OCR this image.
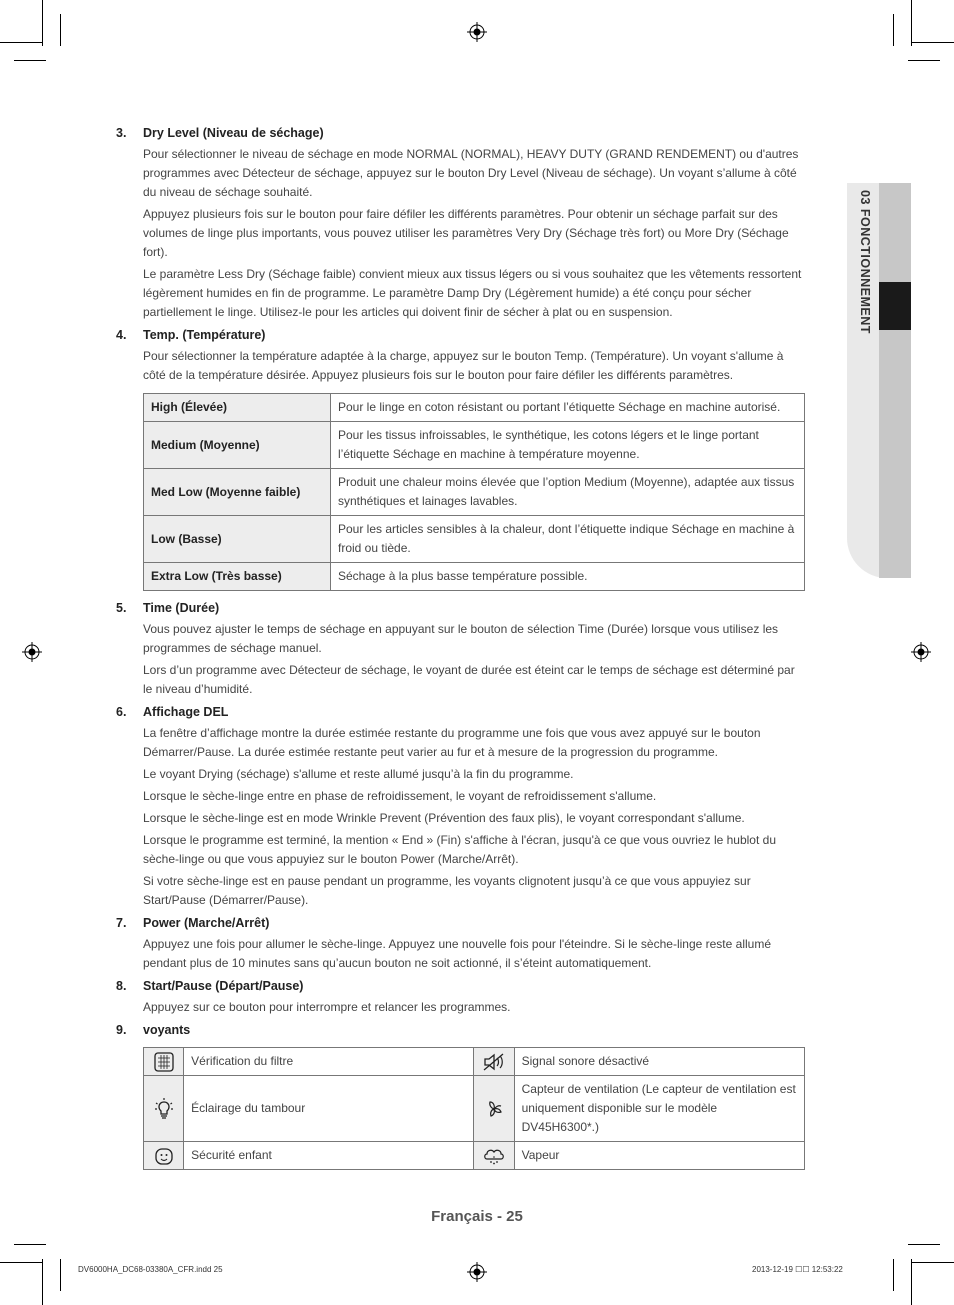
03 FONCTIONNEMENT
3.	Dry Level (Niveau de séchage)

Pour sélectionner le niveau de séchage en mode NORMAL (NORMAL), HEAVY DUTY (GRAND RENDEMENT) ou d'autres programmes avec Détecteur de séchage, appuyez sur le bouton Dry Level (Niveau de séchage). Un voyant s’allume à côté du niveau de séchage souhaité.

Appuyez plusieurs fois sur le bouton pour faire défiler les différents paramètres. Pour obtenir un séchage parfait sur des volumes de linge plus importants, vous pouvez utiliser les paramètres Very Dry (Séchage très fort) ou More Dry (Séchage fort).

Le paramètre Less Dry (Séchage faible) convient mieux aux tissus légers ou si vous souhaitez que les vêtements ressortent légèrement humides en fin de programme. Le paramètre Damp Dry (Légèrement humide) a été conçu pour sécher partiellement le linge. Utilisez-le pour les articles qui doivent finir de sécher à plat ou en suspension.

4.	Temp. (Température)

Pour sélectionner la température adaptée à la charge, appuyez sur le bouton Temp. (Température). Un voyant s'allume à côté de la température désirée. Appuyez plusieurs fois sur le bouton pour faire défiler les différents paramètres.

High (Élevée)	Pour le linge en coton résistant ou portant l’étiquette Séchage en machine autorisé.
Medium (Moyenne)	Pour les tissus infroissables, le synthétique, les cotons légers et le linge portant l’étiquette Séchage en machine à température moyenne.
Med Low (Moyenne faible)	Produit une chaleur moins élevée que l’option Medium (Moyenne), adaptée aux tissus synthétiques et lainages lavables.
Low (Basse)	Pour les articles sensibles à la chaleur, dont l’étiquette indique Séchage en machine à froid ou tiède.
Extra Low (Très basse)	Séchage à la plus basse température possible.
5.	Time (Durée)

Vous pouvez ajuster le temps de séchage en appuyant sur le bouton de sélection Time (Durée) lorsque vous utilisez les programmes de séchage manuel.

Lors d’un programme avec Détecteur de séchage, le voyant de durée est éteint car le temps de séchage est déterminé par le niveau d’humidité.

6.	Affichage DEL

La fenêtre d’affichage montre la durée estimée restante du programme une fois que vous avez appuyé sur le bouton Démarrer/Pause. La durée estimée restante peut varier au fur et à mesure de la progression du programme.

Le voyant Drying (séchage) s'allume et reste allumé jusqu’à la fin du programme.

Lorsque le sèche-linge entre en phase de refroidissement, le voyant de refroidissement s'allume.

Lorsque le sèche-linge est en mode Wrinkle Prevent (Prévention des faux plis), le voyant correspondant s'allume.

Lorsque le programme est terminé, la mention « End » (Fin) s'affiche à l'écran, jusqu'à ce que vous ouvriez le hublot du sèche-linge ou que vous appuyiez sur le bouton Power (Marche/Arrêt).

Si votre sèche-linge est en pause pendant un programme, les voyants clignotent jusqu’à ce que vous appuyiez sur Start/Pause (Démarrer/Pause).

7.	Power (Marche/Arrêt)

Appuyez une fois pour allumer le sèche-linge. Appuyez une nouvelle fois pour l'éteindre. Si le sèche-linge reste allumé pendant plus de 10 minutes sans qu’aucun bouton ne soit actionné, il s’éteint automatiquement.

8.	Start/Pause (Départ/Pause)

Appuyez sur ce bouton pour interrompre et relancer les programmes.

9.	voyants
	Vérification du filtre		Signal sonore désactivé
	Éclairage du tambour		Capteur de ventilation (Le capteur de ventilation est uniquement disponible sur le modèle DV45H6300*.)
	Sécurité enfant		Vapeur
Français - 25
DV6000HA_DC68-03380A_CFR.indd 25	2013-12-19 ☐☐ 12:53:22
